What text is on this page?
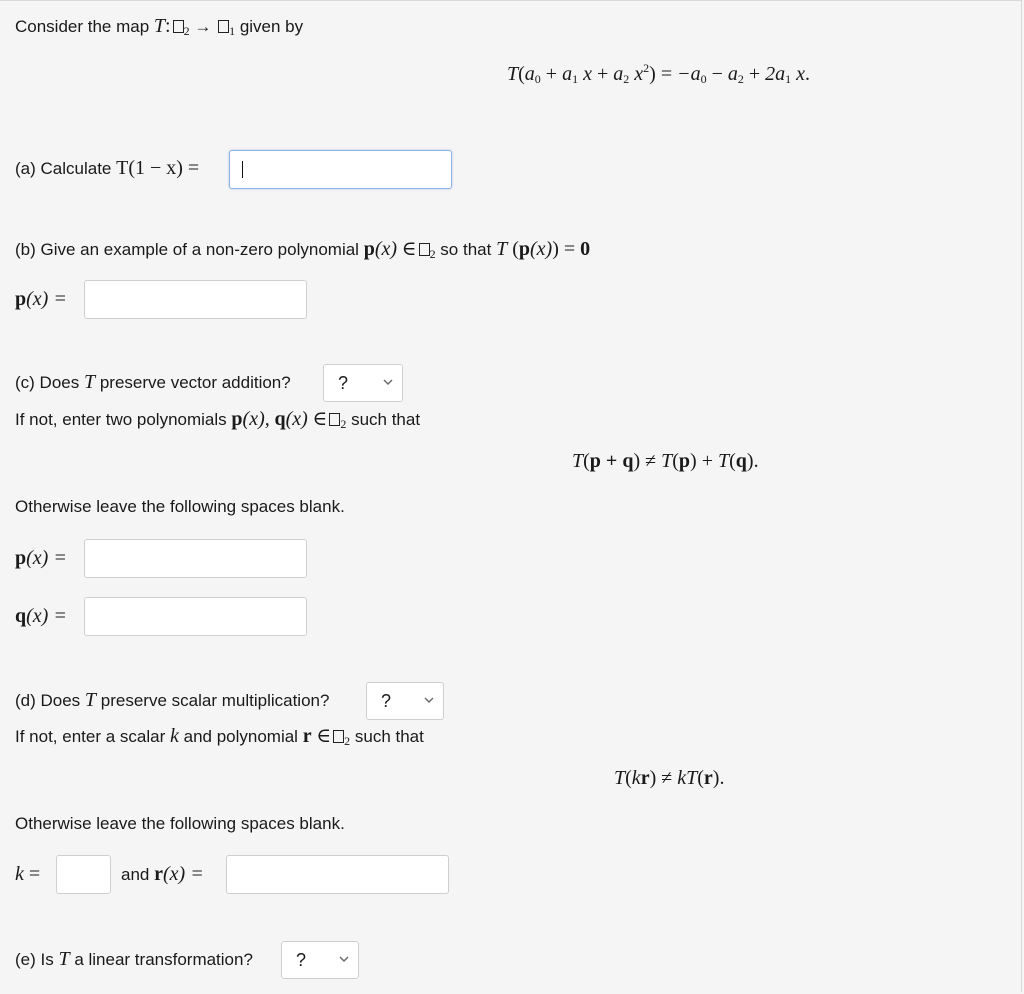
Consider the map T: $_2$ → $_1$ given by
$T(a_0 + a_1$ $x + a_2$ $x^2) = -a_0 - a_2 + 2a_1$ x.
(a) Calculate T(1 − x) =
(b) Give an example of a non-zero polynomial p(x) ∈ $_2$ so that T (p(x)) = 0
p(x) =
(c) Does T preserve vector addition?	?
If not, enter two polynomials p(x), q(x) ∈ $_2$ such that
T(p + q) ≠ T(p) + T(q).
Otherwise leave the following spaces blank.
p(x) =
q(x) =
(d) Does T preserve scalar multiplication?	?
If not, enter a scalar k and polynomial r ∈ $_2$ such that
T(kr) ≠ kT(r).
Otherwise leave the following spaces blank.
k =	and r(x) =
(e) Is T a linear transformation? ?
